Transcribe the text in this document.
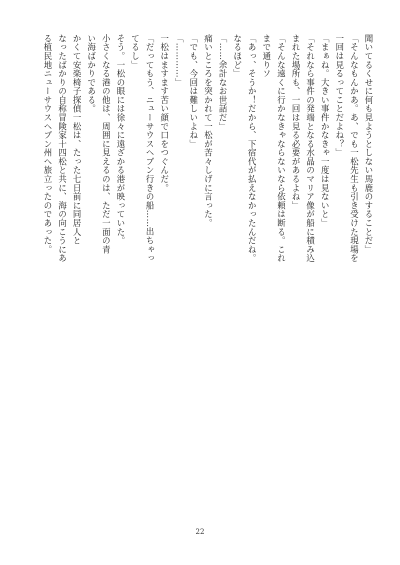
聞いてるくせに何も見ようとしない馬鹿のすることだ」
「そんなもんかあ。あ、でも一松先生も引き受けた現場を
一回は見るってことだよね？」
「まぁね。大きい事件かなきゃ一度は見ないと」
「それなら事件の発端となる水晶のマリア像が船に積み込
まれた場所も、一回は見る必要があるよね」
「そんな遠くに行かなきゃならないなら依頼は断る。これ
まで通りソ
「あっ、そうか！だから、下宿代が払えなかったんだね。
なるほど」
「……余計なお世話だ」
痛いところを突かれて一松が苦々しげに言った。
「でも、今回は難しいよね」
「…………」
一松はますます苦い顔で口をつぐんだ。
「だってもう、ニューサウスヘブン行きの船……出ちゃっ
てるし」
そう。一松の眼には徐々に遠ざかる港が映っていた。
小さくなる港の他は、周囲に見えるのは、ただ一面の青
い海ばかりである。
かくて安楽椅子探偵一松は、たった七日前に同居人と
なったばかりの自称冒険家十四松と共に、海の向こうにあ
る植民地ニューサウスヘブン州へ旅立ったのであった。
22
